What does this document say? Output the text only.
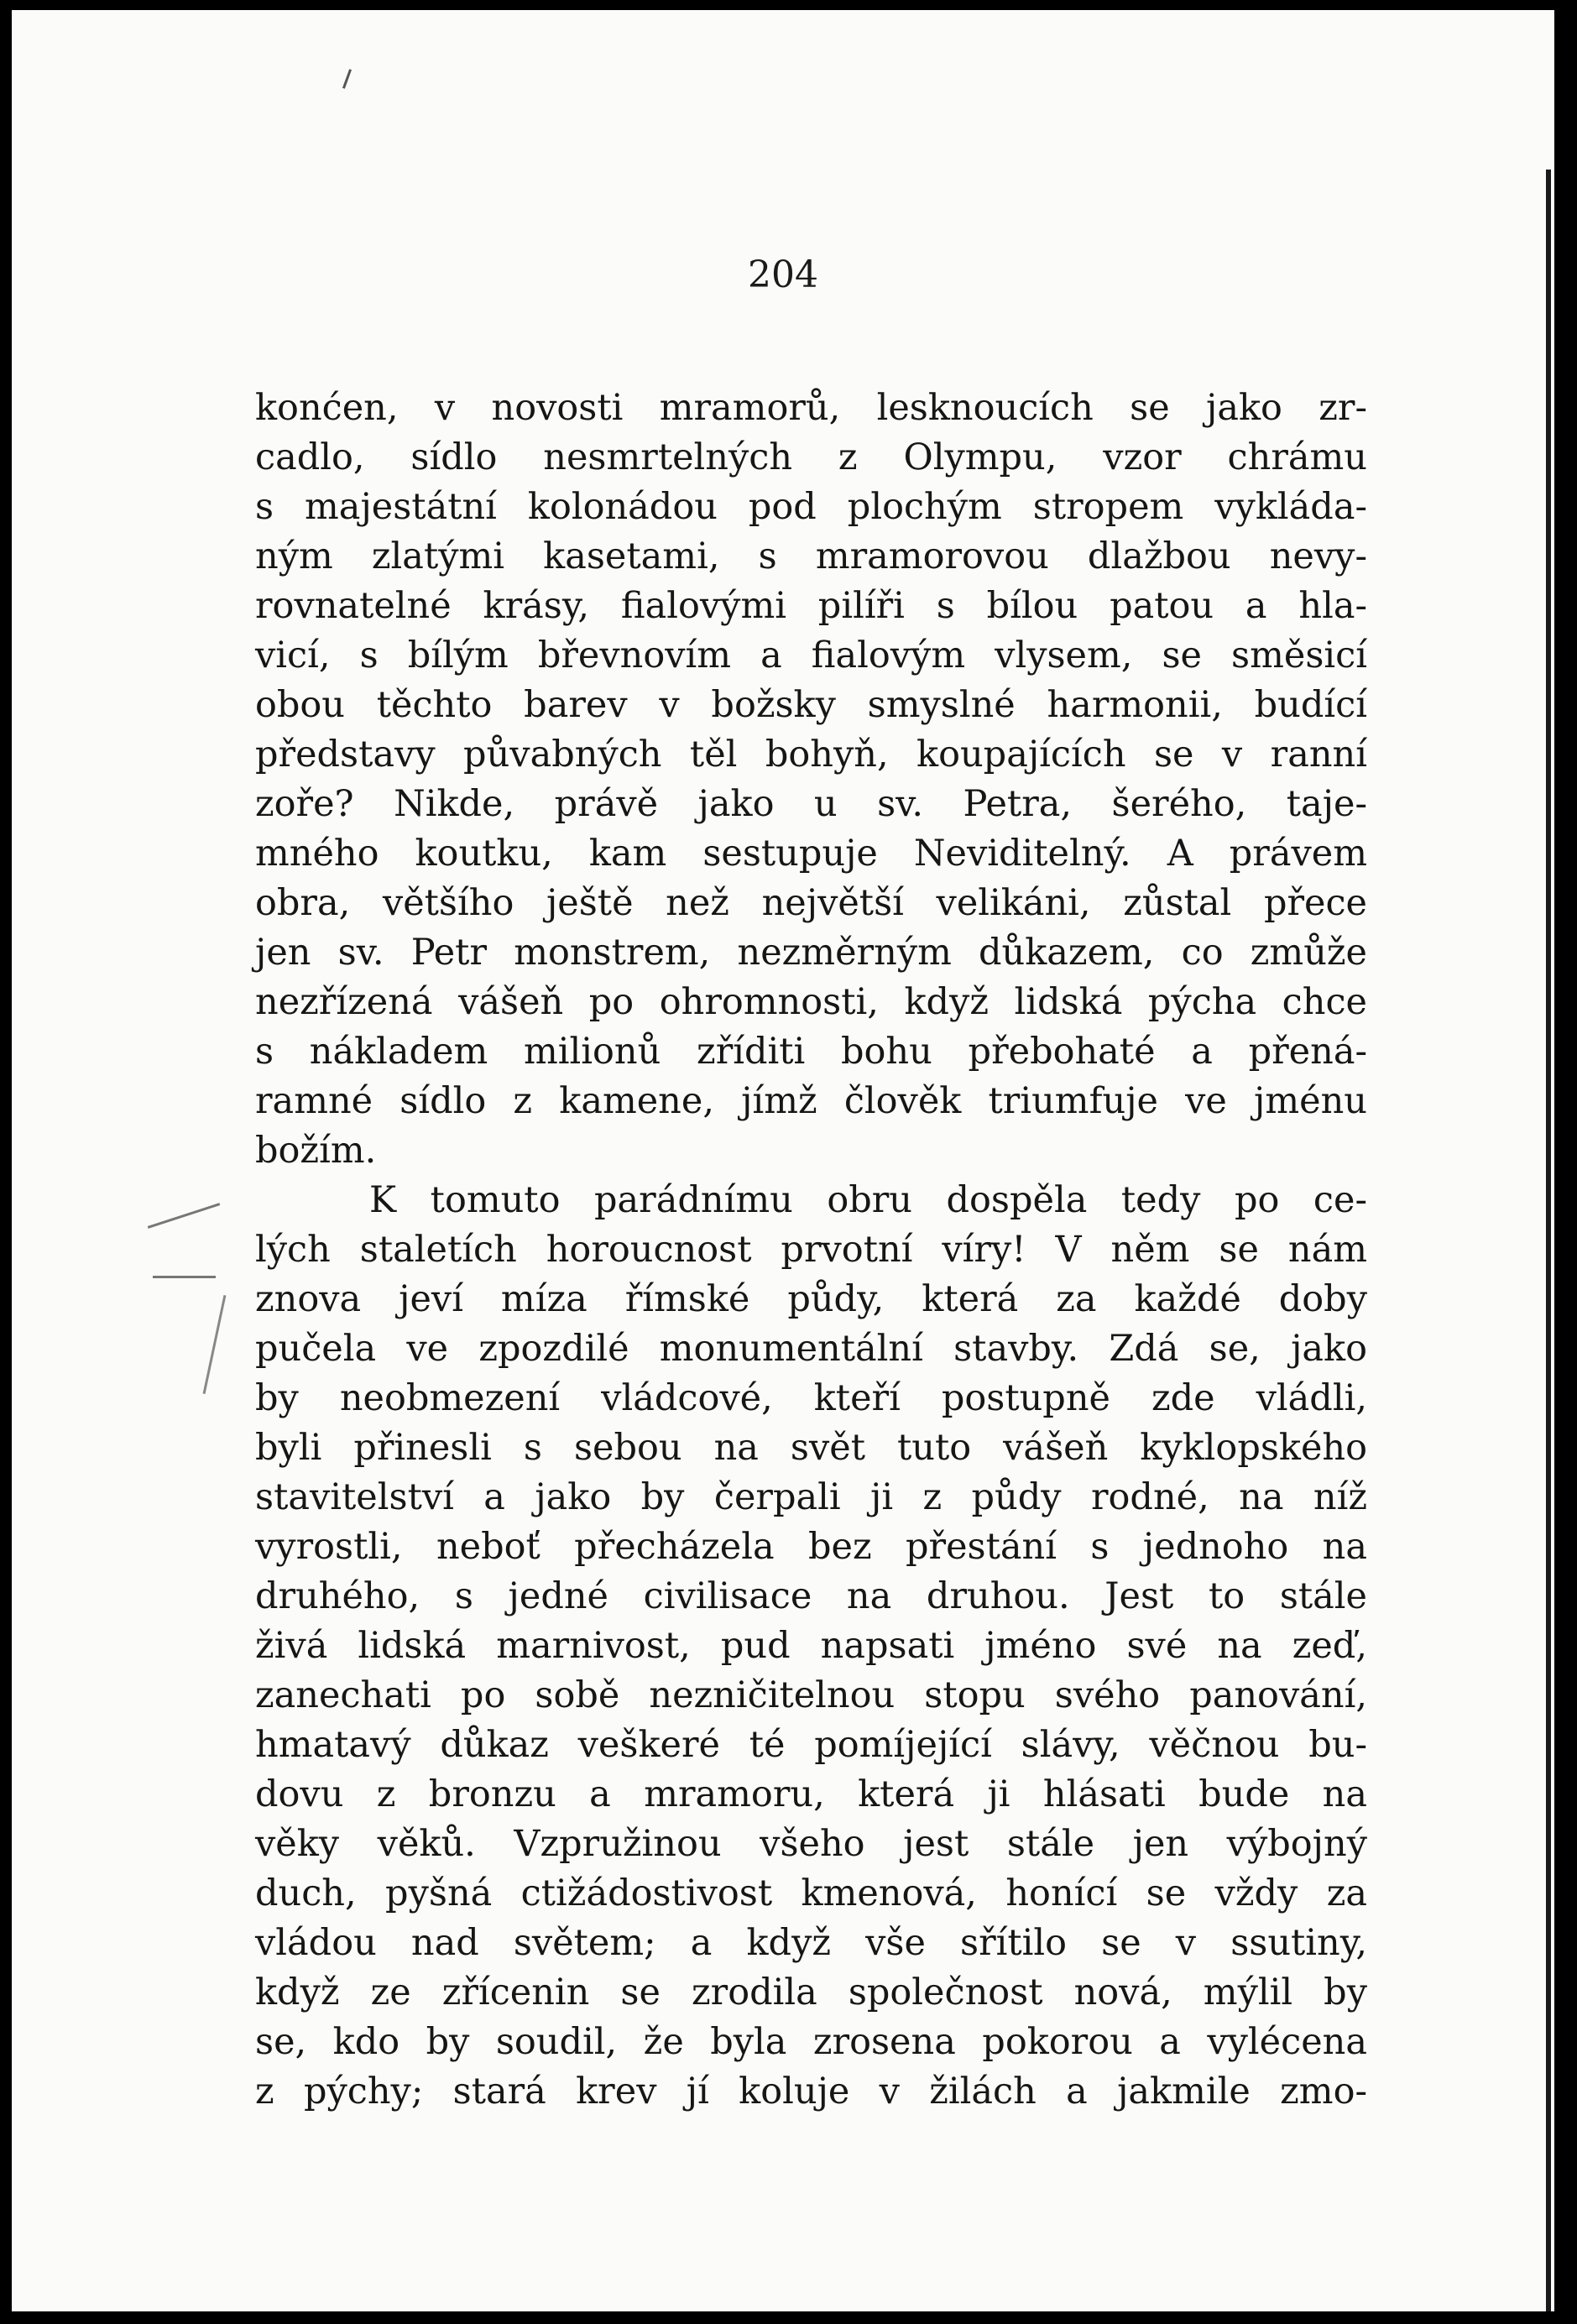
204
konćen, v novosti mramorů, lesknoucích se jako zr-
cadlo, sídlo nesmrtelných z Olympu, vzor chrámu
s majestátní kolonádou pod plochým stropem vykláda-
ným zlatými kasetami, s mramorovou dlažbou nevy-
rovnatelné krásy, fialovými pilíři s bílou patou a hla-
vicí, s bílým břevnovím a fialovým vlysem, se směsicí
obou těchto barev v božsky smyslné harmonii, budící
představy půvabných těl bohyň, koupajících se v ranní
zoře? Nikde, právě jako u sv. Petra, šerého, taje-
mného koutku, kam sestupuje Neviditelný. A právem
obra, většího ještě než největší velikáni, zůstal přece
jen sv. Petr monstrem, nezměrným důkazem, co zmůže
nezřízená vášeň po ohromnosti, když lidská pýcha chce
s nákladem milionů zříditi bohu přebohaté a přená-
ramné sídlo z kamene, jímž člověk triumfuje ve jménu
božím.
K tomuto parádnímu obru dospěla tedy po ce-
lých staletích horoucnost prvotní víry! V něm se nám
znova jeví míza římské půdy, která za každé doby
pučela ve zpozdilé monumentální stavby. Zdá se, jako
by neobmezení vládcové, kteří postupně zde vládli,
byli přinesli s sebou na svět tuto vášeň kyklopského
stavitelství a jako by čerpali ji z půdy rodné, na níž
vyrostli, neboť přecházela bez přestání s jednoho na
druhého, s jedné civilisace na druhou. Jest to stále
živá lidská marnivost, pud napsati jméno své na zeď,
zanechati po sobě nezničitelnou stopu svého panování,
hmatavý důkaz veškeré té pomíjející slávy, věčnou bu-
dovu z bronzu a mramoru, která ji hlásati bude na
věky věků. Vzpružinou všeho jest stále jen výbojný
duch, pyšná ctižádostivost kmenová, honící se vždy za
vládou nad světem; a když vše sřítilo se v ssutiny,
když ze zřícenin se zrodila společnost nová, mýlil by
se, kdo by soudil, že byla zrosena pokorou a vylécena
z pýchy; stará krev jí koluje v žilách a jakmile zmo-
